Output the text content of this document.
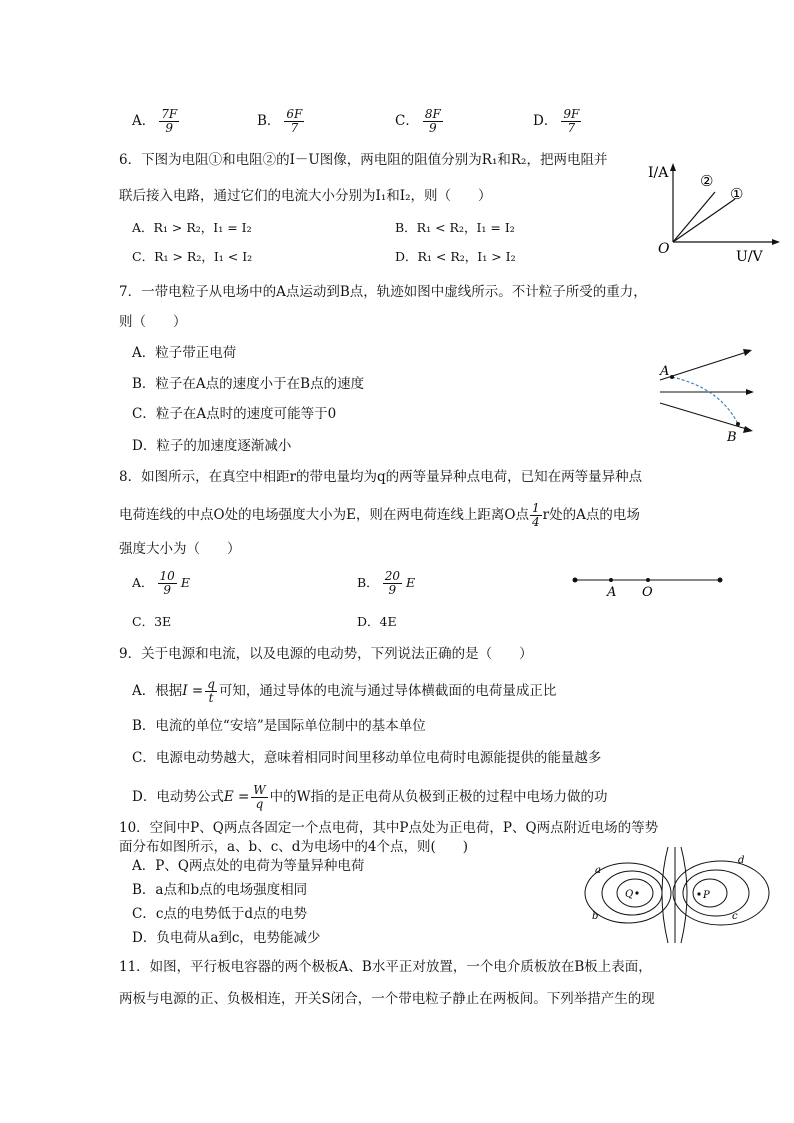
A． $\frac{7F}{9}$	B． $\frac{6F}{7}$	C． $\frac{8F}{9}$	D． $\frac{9F}{7}$
6．下图为电阻①和电阻②的I－U图像，两电阻的阻值分别为R₁和R₂，把两电阻并
联后接入电路，通过它们的电流大小分别为I₁和I₂，则（　　）
A．R₁ > R₂，I₁ = I₂	B．R₁ < R₂，I₁ = I₂
C．R₁ > R₂，I₁ < I₂	D．R₁ < R₂，I₁ > I₂
I/A
U/V
O
②
①
7．一带电粒子从电场中的A点运动到B点，轨迹如图中虚线所示。不计粒子所受的重力，
则（　　）
A．粒子带正电荷
B．粒子在A点的速度小于在B点的速度
C．粒子在A点时的速度可能等于0
D．粒子的加速度逐渐减小
A
B
8．如图所示，在真空中相距r的带电量均为q的两等量异种点电荷，已知在两等量异种点
电荷连线的中点O处的电场强度大小为E，则在两电荷连线上距离O点 $\frac{1}{4}$ r处的A点的电场
强度大小为（　　）
A． $\frac{10}{9}$ E	B． $\frac{20}{9}$ E
C．3E	D．4E
A O
9．关于电源和电流，以及电源的电动势，下列说法正确的是（　　）
A．根据$I = \frac{q}{t}$ 可知，通过导体的电流与通过导体横截面的电荷量成正比
B．电流的单位“安培”是国际单位制中的基本单位
C．电源电动势越大，意味着相同时间里移动单位电荷时电源能提供的能量越多
D．电动势公式$E = \frac{W}{q}$ 中的W指的是正电荷从负极到正极的过程中电场力做的功
10．空间中P、Q两点各固定一个点电荷，其中P点处为正电荷，P、Q两点附近电场的等势
面分布如图所示，a、b、c、d为电场中的4个点，则(　　)
A．P、Q两点处的电荷为等量异种电荷
B．a点和b点的电场强度相同
C．c点的电势低于d点的电势
D．负电荷从a到c，电势能减少
Q	P
a
b	c
d
11．如图，平行板电容器的两个极板A、B水平正对放置，一个电介质板放在B板上表面，
两板与电源的正、负极相连，开关S闭合，一个带电粒子静止在两板间。下列举措产生的现
